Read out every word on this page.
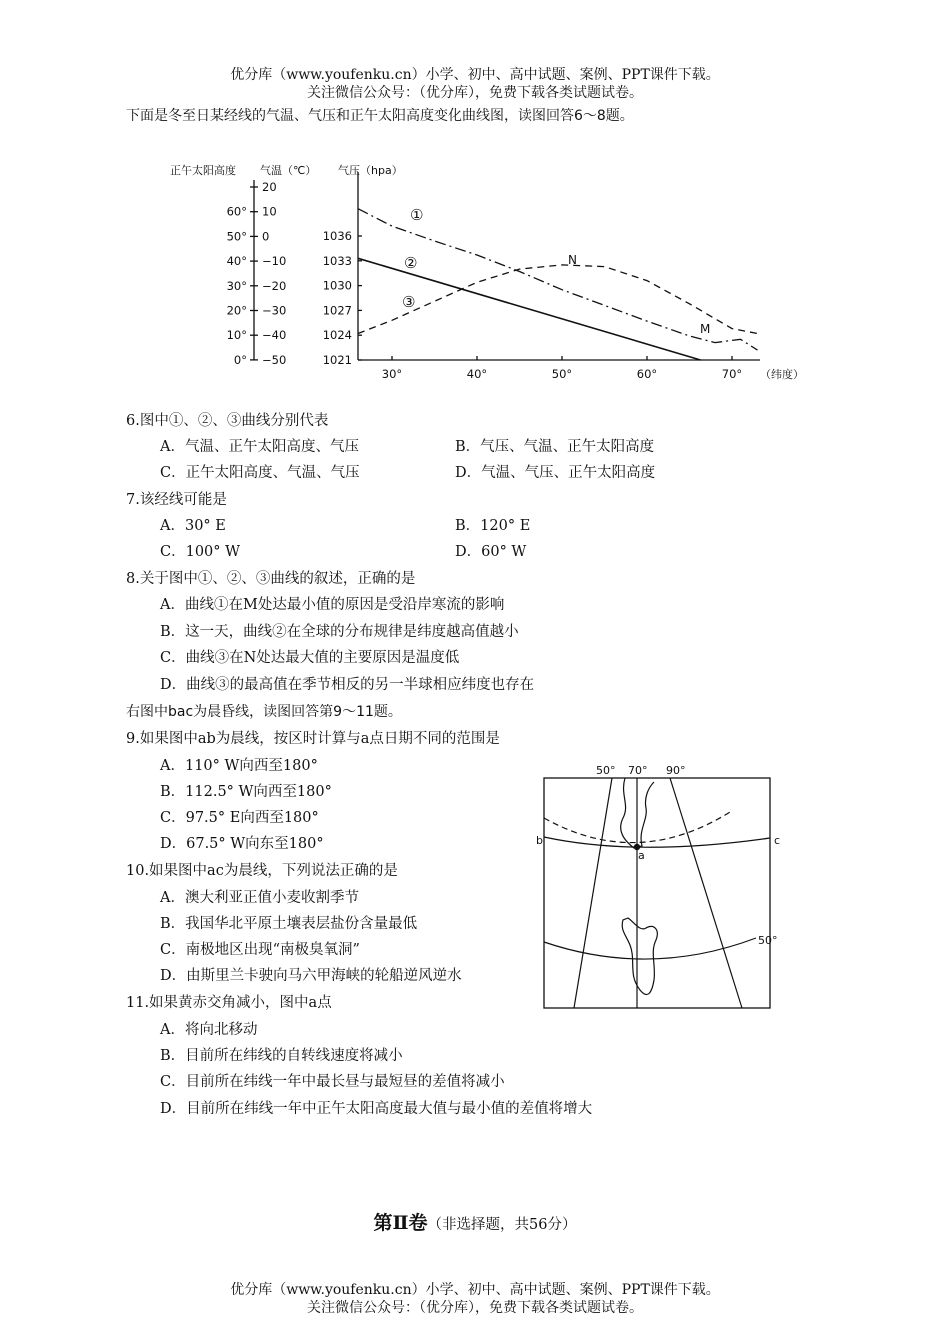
优分库（www.youfenku.cn）小学、初中、高中试题、案例、PPT课件下载。
关注微信公众号：（优分库），免费下载各类试题试卷。
下面是冬至日某经线的气温、气压和正午太阳高度变化曲线图，读图回答6～8题。
正午太阳高度 气温（℃） 气压（hpa）
（纬度）
20
10
0
−10
−20
−30
−40
−50
60°
50°
40°
30°
20°
10°
0°
1036
1033
1030
1027
1024
1021
30°	40°	50°	60°	70°
①
②
③
N
M
6.图中①、②、③曲线分别代表
A．气温、正午太阳高度、气压	B．气压、气温、正午太阳高度
C．正午太阳高度、气温、气压	D．气温、气压、正午太阳高度
7.该经线可能是
A．30° E	B．120° E
C．100° W	D．60° W
8.关于图中①、②、③曲线的叙述，正确的是
A．曲线①在M处达最小值的原因是受沿岸寒流的影响
B．这一天，曲线②在全球的分布规律是纬度越高值越小
C．曲线③在N处达最大值的主要原因是温度低
D．曲线③的最高值在季节相反的另一半球相应纬度也存在
右图中bac为晨昏线，读图回答第9～11题。
9.如果图中ab为晨线，按区时计算与a点日期不同的范围是
A．110° W向西至180°
B．112.5° W向西至180°
C．97.5° E向西至180°
D．67.5° W向东至180°
10.如果图中ac为晨线，下列说法正确的是
A．澳大利亚正值小麦收割季节
B．我国华北平原土壤表层盐份含量最低
C．南极地区出现“南极臭氧洞”
D．由斯里兰卡驶向马六甲海峡的轮船逆风逆水
11.如果黄赤交角减小，图中a点
A．将向北移动
B．目前所在纬线的自转线速度将减小
C．目前所在纬线一年中最长昼与最短昼的差值将减小
D．目前所在纬线一年中正午太阳高度最大值与最小值的差值将增大
50° 70° 90°
50°
b	c
a
第Ⅱ卷（非选择题，共56分）
优分库（www.youfenku.cn）小学、初中、高中试题、案例、PPT课件下载。
关注微信公众号：（优分库），免费下载各类试题试卷。
